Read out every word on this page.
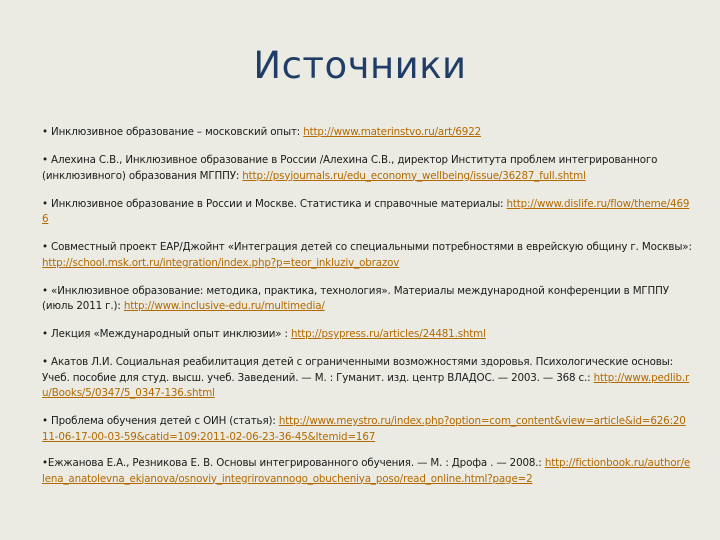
Источники
• Инклюзивное образование – московский опыт: http://www.materinstvo.ru/art/6922
• Алехина С.В., Инклюзивное образование в России /Алехина С.В., директор Института проблем интегрированного (инклюзивного) образования МГППУ: http://psyjournals.ru/edu_economy_wellbeing/issue/36287_full.shtml
• Инклюзивное образование в России и Москве. Статистика и справочные материалы: http://www.dislife.ru/flow/theme/4696
• Совместный проект ЕАР/Джойнт «Интеграция детей со специальными потребностями в еврейскую общину г. Москвы»: http://school.msk.ort.ru/integration/index.php?p=teor_inkluziv_obrazov
• «Инклюзивное образование: методика, практика, технология». Материалы международной конференции в МГППУ (июль 2011 г.): http://www.inclusive-edu.ru/multimedia/
• Лекция «Международный опыт инклюзии» : http://psypress.ru/articles/24481.shtml
• Акатов Л.И. Социальная реабилитация детей с ограниченными возможностями здоровья. Психологические основы: Учеб. пособие для студ. высш. учеб. Заведений. — М. : Гуманит. изд. центр ВЛАДОС. — 2003. — 368 с.: http://www.pedlib.ru/Books/5/0347/5_0347-136.shtml
• Проблема обучения детей с ОИН (статья): http://www.meystro.ru/index.php?option=com_content&view=article&id=626:2011-06-17-00-03-59&catid=109:2011-02-06-23-36-45&Itemid=167
•Ежжанова Е.А., Резникова Е. В. Основы интегрированного обучения. — М. : Дрофа . — 2008.: http://fictionbook.ru/author/elena_anatolevna_ekjanova/osnoviy_integrirovannogo_obucheniya_poso/read_online.html?page=2
